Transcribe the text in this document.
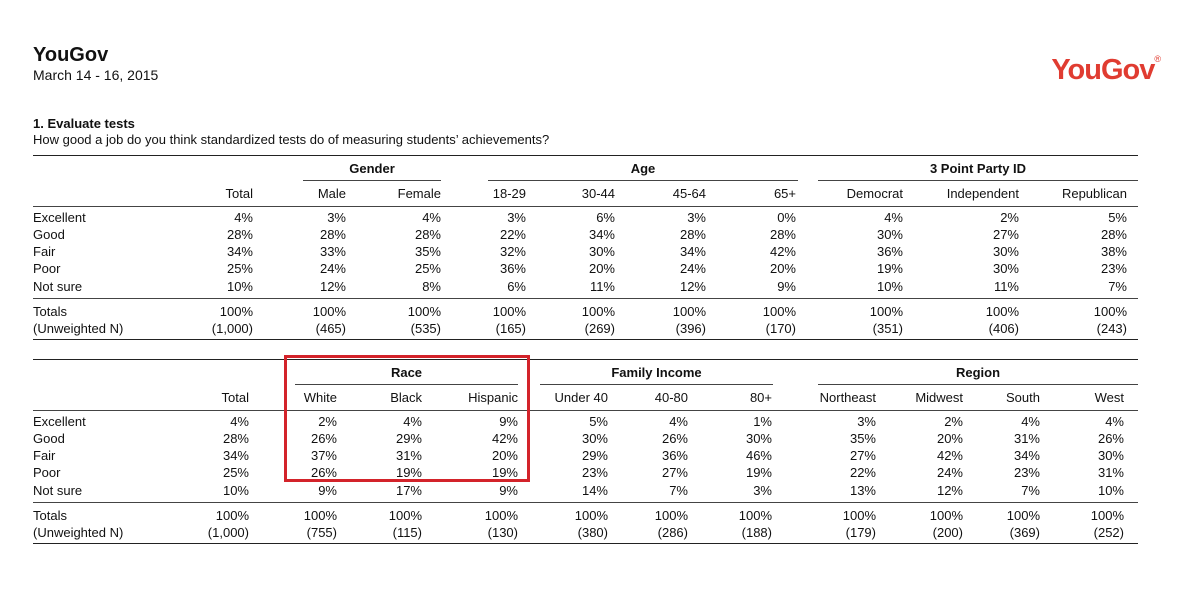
YouGov
March 14 - 16, 2015	YouGov®
1. Evaluate tests
How good a job do you think standardized tests do of measuring students’ achievements?
Gender	Age	3 Point Party ID
Total	Male	Female	18-29	30-44	45-64	65+	Democrat	Independent	Republican
Excellent	4%	3%	4%	3%	6%	3%	0%	4%	2%	5%
Good	28%	28%	28%	22%	34%	28%	28%	30%	27%	28%
Fair	34%	33%	35%	32%	30%	34%	42%	36%	30%	38%
Poor	25%	24%	25%	36%	20%	24%	20%	19%	30%	23%
Not sure	10%	12%	8%	6%	11%	12%	9%	10%	11%	7%
Totals	100%	100%	100%	100%	100%	100%	100%	100%	100%	100%
(Unweighted N)	(1,000)	(465)	(535)	(165)	(269)	(396)	(170)	(351)	(406)	(243)
Race	Family Income	Region
Total	White	Black	Hispanic	Under 40	40-80	80+	Northeast	Midwest	South	West
Excellent	4%	2%	4%	9%	5%	4%	1%	3%	2%	4%	4%
Good	28%	26%	29%	42%	30%	26%	30%	35%	20%	31%	26%
Fair	34%	37%	31%	20%	29%	36%	46%	27%	42%	34%	30%
Poor	25%	26%	19%	19%	23%	27%	19%	22%	24%	23%	31%
Not sure	10%	9%	17%	9%	14%	7%	3%	13%	12%	7%	10%
Totals	100%	100%	100%	100%	100%	100%	100%	100%	100%	100%	100%
(Unweighted N)	(1,000)	(755)	(115)	(130)	(380)	(286)	(188)	(179)	(200)	(369)	(252)
